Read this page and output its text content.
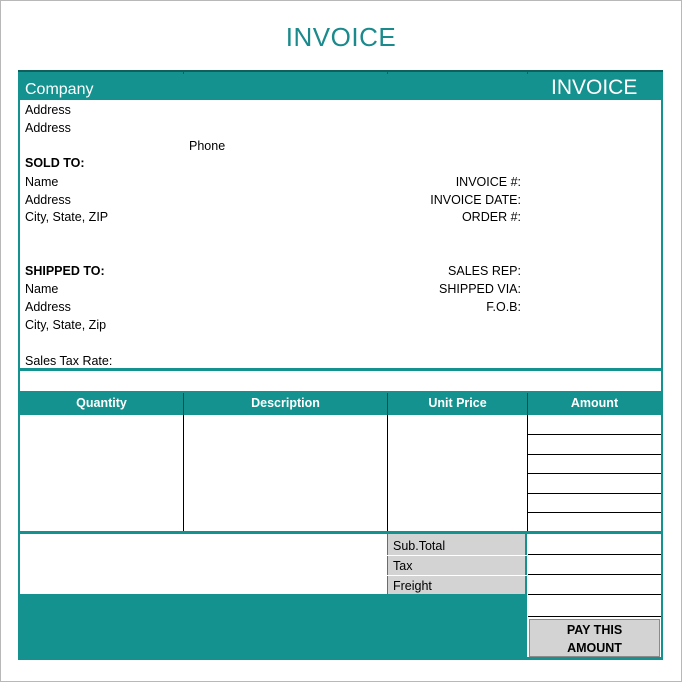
INVOICE
Company	INVOICE
Address
Address
Phone
SOLD TO:
Name
Address
City, State, ZIP
SHIPPED TO:
Name
Address
City, State, Zip
Sales Tax Rate:
INVOICE #:
INVOICE DATE:
ORDER #:
SALES REP:
SHIPPED VIA:
F.O.B:
Quantity	Description	Unit Price	Amount
Sub.Total
Tax
Freight
PAY THIS
AMOUNT
